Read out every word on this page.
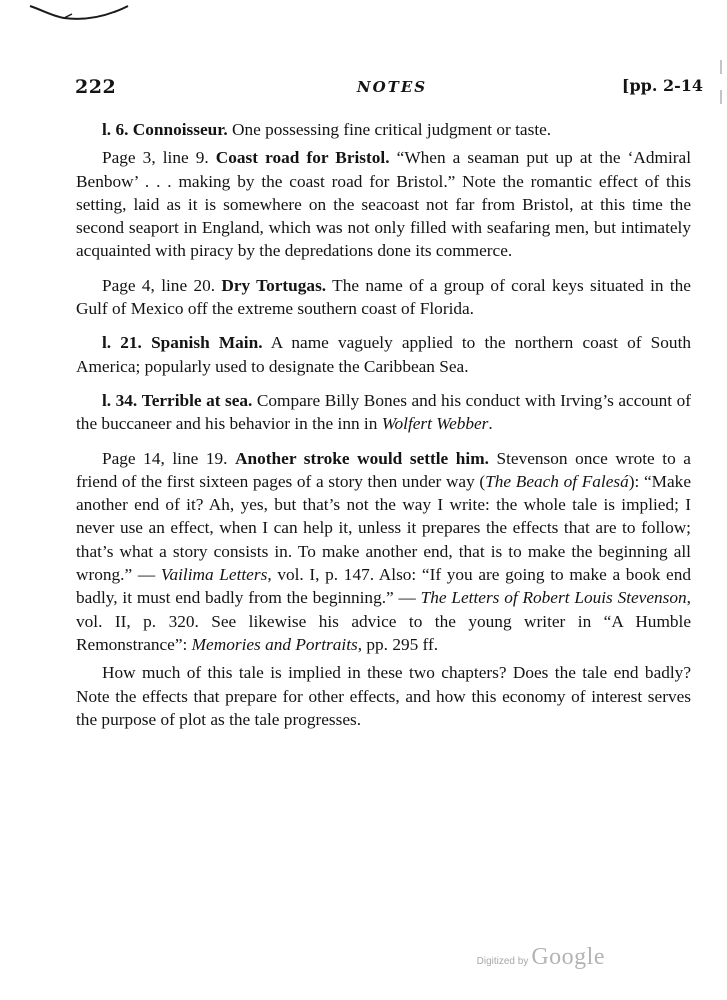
222	NOTES	[pp. 2-14

l. 6. Connoisseur. One possessing fine critical judgment or taste.

Page 3, line 9. Coast road for Bristol. “When a seaman put up at the ‘Admiral Benbow’ . . . making by the coast road for Bristol.” Note the romantic effect of this setting, laid as it is somewhere on the seacoast not far from Bristol, at this time the second seaport in England, which was not only filled with seafaring men, but intimately acquainted with piracy by the depredations done its commerce.

Page 4, line 20. Dry Tortugas. The name of a group of coral keys situated in the Gulf of Mexico off the extreme southern coast of Florida.

l. 21. Spanish Main. A name vaguely applied to the northern coast of South America; popularly used to designate the Caribbean Sea.

l. 34. Terrible at sea. Compare Billy Bones and his conduct with Irving’s account of the buccaneer and his behavior in the inn in Wolfert Webber.

Page 14, line 19. Another stroke would settle him. Stevenson once wrote to a friend of the first sixteen pages of a story then under way (The Beach of Falesá): “Make another end of it? Ah, yes, but that’s not the way I write: the whole tale is implied; I never use an effect, when I can help it, unless it prepares the effects that are to follow; that’s what a story consists in. To make another end, that is to make the beginning all wrong.” — Vailima Letters, vol. I, p. 147. Also: “If you are going to make a book end badly, it must end badly from the beginning.” — The Letters of Robert Louis Stevenson, vol. II, p. 320. See likewise his advice to the young writer in “A Humble Remonstrance”: Memories and Portraits, pp. 295 ff.

How much of this tale is implied in these two chapters? Does the tale end badly? Note the effects that prepare for other effects, and how this economy of interest serves the purpose of plot as the tale progresses.

Digitized by Google
